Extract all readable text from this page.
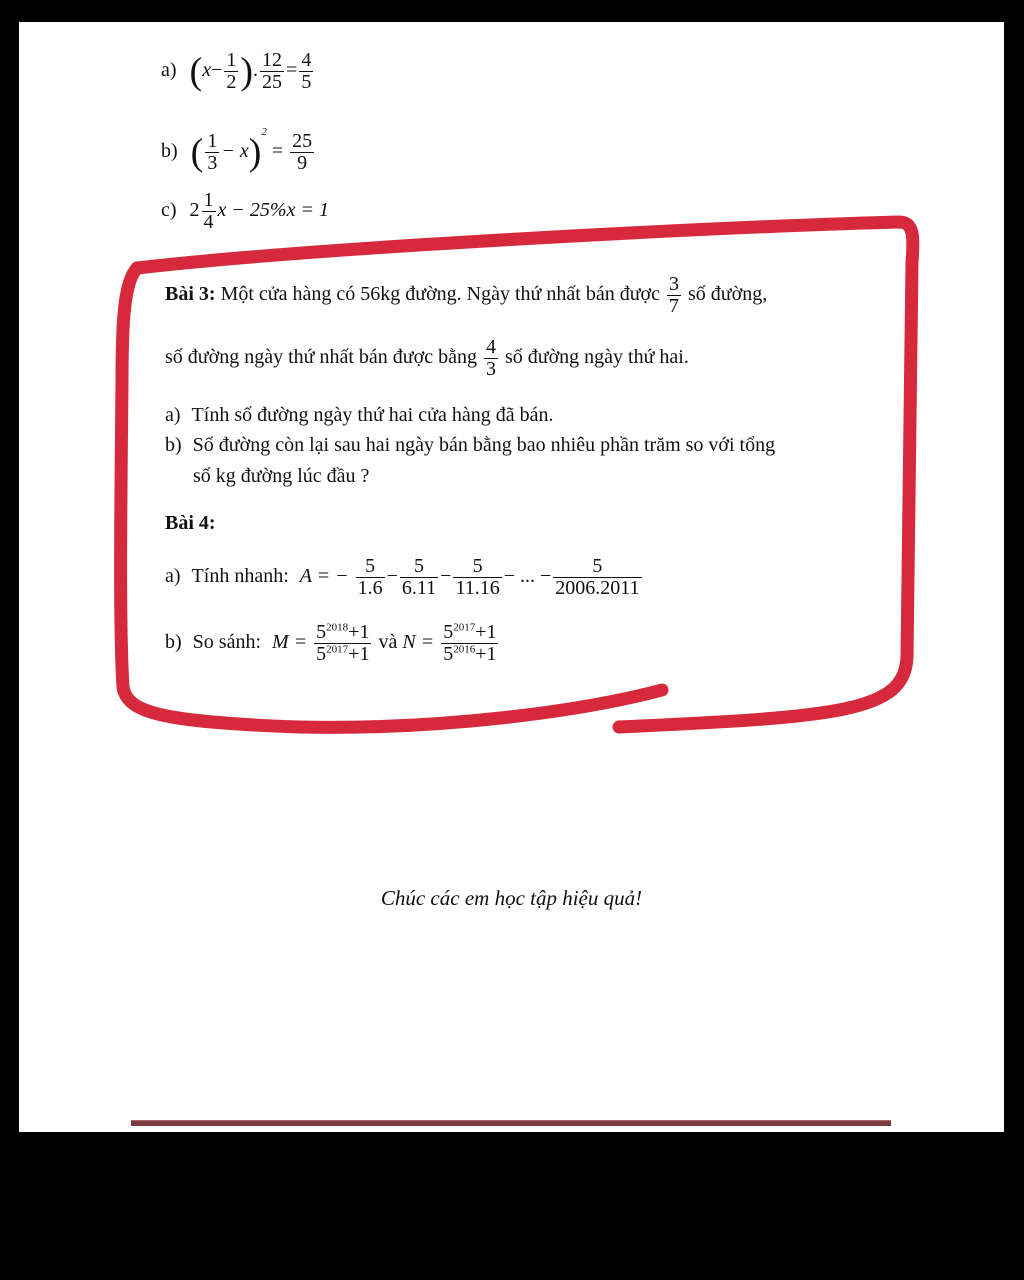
a) ($x- \frac{1}{2}$ ). $\frac{12}{25} = \frac{4}{5}$
b) ( $\frac{1}{3} - x)^2 = \frac{25}{9}$
c) $2 \frac{1}{4}$ x − 25%x = 1
Bài 3: Một cửa hàng có 56kg đường. Ngày thứ nhất bán được $\frac{3}{7}$ số đường,
số đường ngày thứ nhất bán được bằng $\frac{4}{3}$ số đường ngày thứ hai.
a) Tính số đường ngày thứ hai cửa hàng đã bán.
b) Số đường còn lại sau hai ngày bán bằng bao nhiêu phần trăm so với tổng
số kg đường lúc đầu ?
Bài 4:
a) Tính nhanh: A = − $\frac{5}{1.6} - \frac{5}{6.11} - \frac{5}{11.16}$ − ... − $\frac{5}{2006.2011}$
b) So sánh: $M = \frac{5^{2018}+1}{5^{2017}+1}$ và $N = \frac{5^{2017}+1}{5^{2016}+1}$
Chúc các em học tập hiệu quả!
